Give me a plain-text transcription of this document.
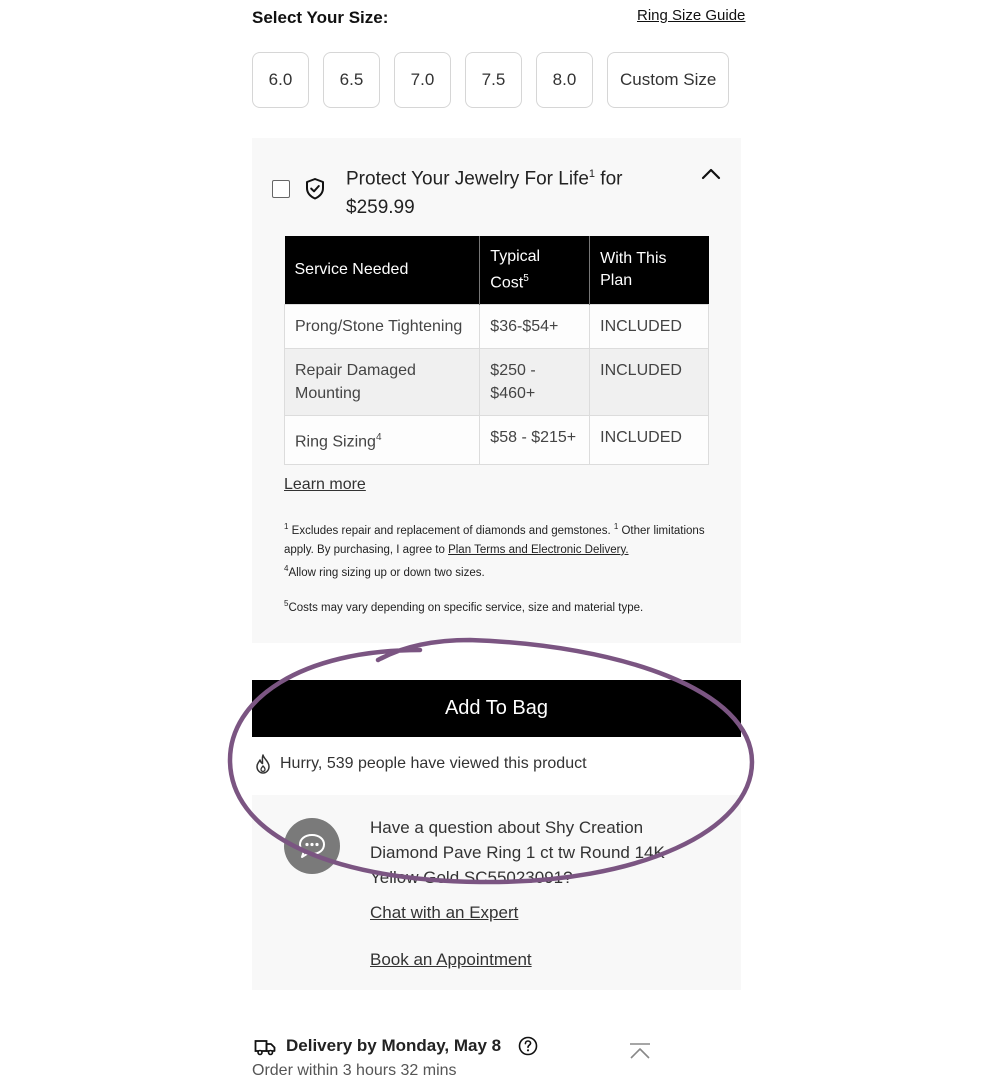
Select Your Size:	Ring Size Guide
6.0	6.5	7.0	7.5	8.0	Custom Size
Protect Your Jewelry For Life$^1$ for
$259.99
Service Needed	Typical Cost$^5$	With This Plan
Prong/Stone Tightening	$36-$54+	INCLUDED
Repair Damaged Mounting	$250 - $460+	INCLUDED
Ring Sizing$^4$	$58 - $215+	INCLUDED
Learn more
$^1$ Excludes repair and replacement of diamonds and gemstones. $^1$ Other limitations apply. By purchasing, I agree to Plan Terms and Electronic Delivery.
$^4$Allow ring sizing up or down two sizes.
$^5$Costs may vary depending on specific service, size and material type.
Add To Bag
Hurry, 539 people have viewed this product
Have a question about Shy Creation Diamond Pave Ring 1 ct tw Round 14K Yellow Gold SC55023091?
Chat with an Expert
Book an Appointment
Delivery by Monday, May 8
Order within 3 hours 32 mins
